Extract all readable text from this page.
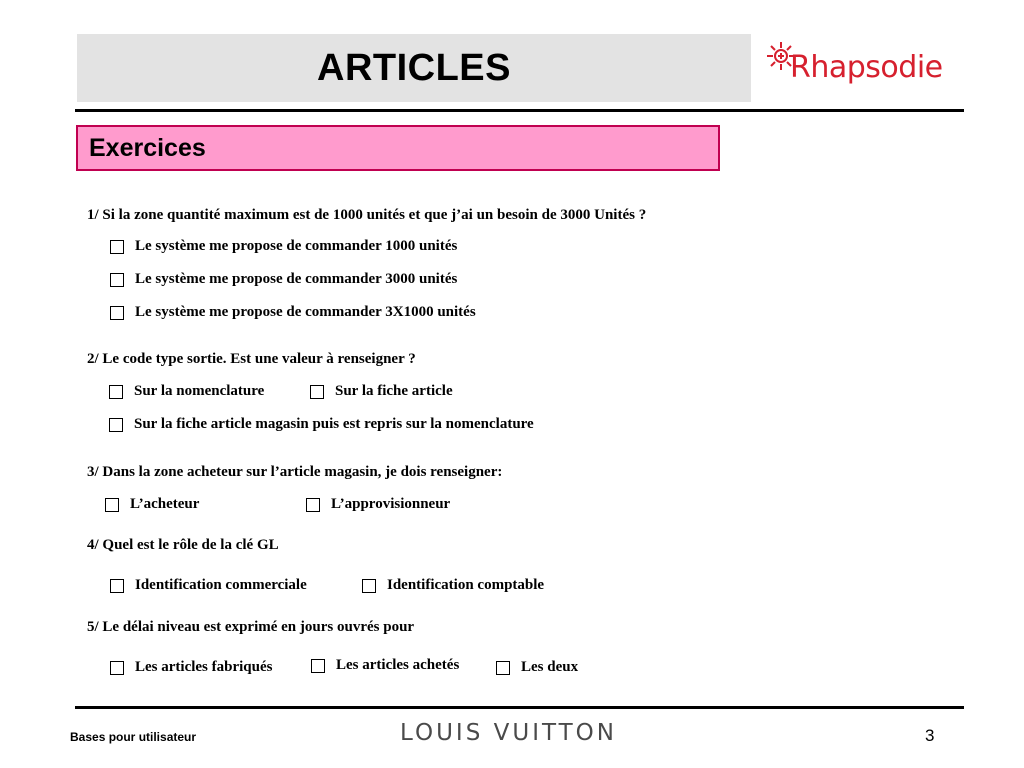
ARTICLES	Rhapsodie
Exercices
1/ Si la zone quantité maximum est de 1000 unités et que j’ai un besoin de 3000 Unités ?
Le système me propose de commander 1000 unités
Le système me propose de commander 3000 unités
Le système me propose de commander 3X1000 unités
2/ Le code type sortie. Est une valeur à renseigner ?
Sur la nomenclature	Sur la fiche article
Sur la fiche article magasin puis est repris sur la nomenclature
3/ Dans la zone acheteur sur l’article magasin, je dois renseigner:
L’acheteur	L’approvisionneur
4/ Quel est le rôle de la clé GL
Identification commerciale	Identification comptable
5/ Le délai niveau est exprimé en jours ouvrés pour
Les articles fabriqués	Les articles achetés	Les deux
Bases pour utilisateur	LOUIS VUITTON	3
